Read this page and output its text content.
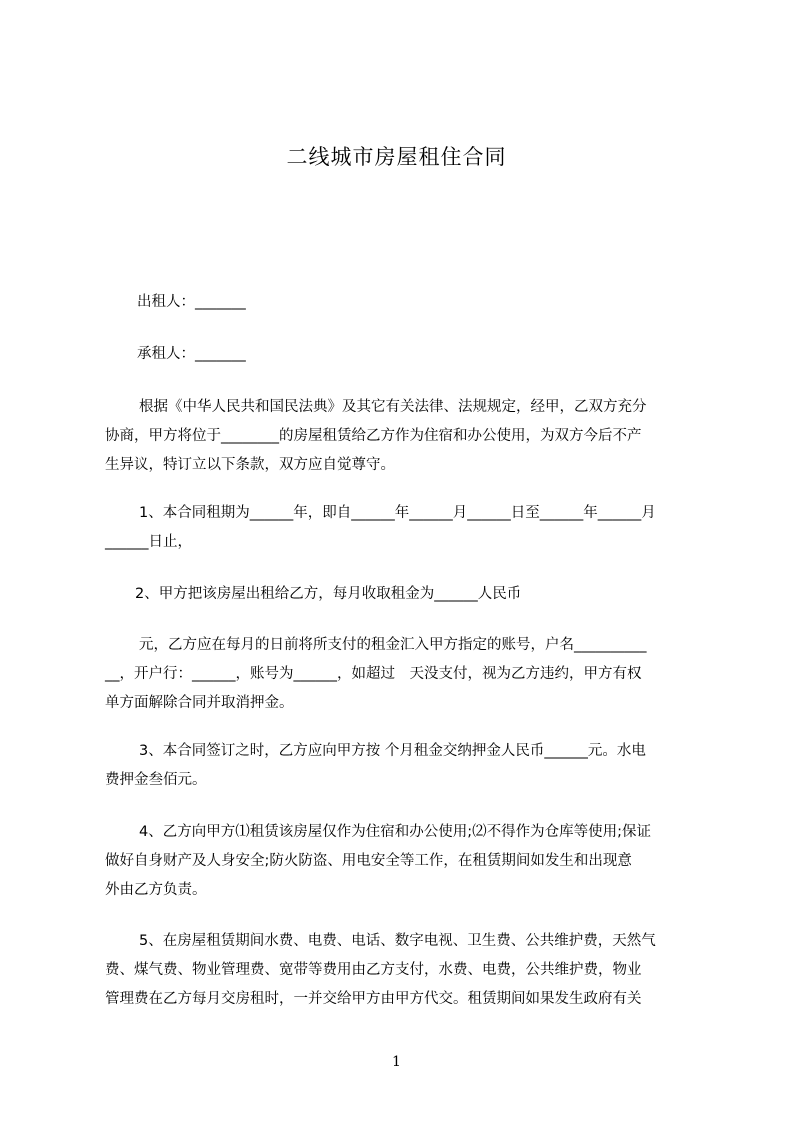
二线城市房屋租住合同
出租人：_______
承租人：_______
根据《中华人民共和国民法典》及其它有关法律、法规规定，经甲，乙双方充分
协商，甲方将位于________的房屋租赁给乙方作为住宿和办公使用，为双方今后不产
生异议，特订立以下条款，双方应自觉尊守。
1、本合同租期为______年，即自______年______月______日至______年______月
______日止，
2、甲方把该房屋出租给乙方，每月收取租金为______人民币
元，乙方应在每月的日前将所支付的租金汇入甲方指定的账号，户名__________
__，开户行：______，账号为______，如超过　天没支付，视为乙方违约，甲方有权
单方面解除合同并取消押金。
3、本合同签订之时，乙方应向甲方按 个月租金交纳押金人民币______元。水电
费押金叁佰元。
4、乙方向甲方⑴租赁该房屋仅作为住宿和办公使用;⑵不得作为仓库等使用;保证
做好自身财产及人身安全;防火防盗、用电安全等工作，在租赁期间如发生和出现意
外由乙方负责。
5、在房屋租赁期间水费、电费、电话、数字电视、卫生费、公共维护费，天然气
费、煤气费、物业管理费、宽带等费用由乙方支付，水费、电费，公共维护费，物业
管理费在乙方每月交房租时，一并交给甲方由甲方代交。租赁期间如果发生政府有关
1
